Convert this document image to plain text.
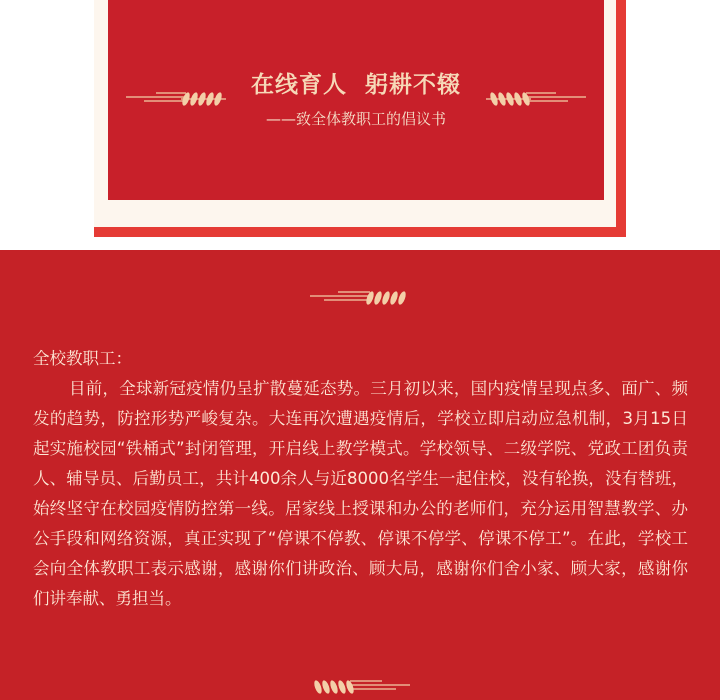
在线育人  躬耕不辍
——致全体教职工的倡议书

全校教职工：

目前，全球新冠疫情仍呈扩散蔓延态势。三月初以来，国内疫情呈现点多、面广、频发的趋势，防控形势严峻复杂。大连再次遭遇疫情后，学校立即启动应急机制，3月15日起实施校园“铁桶式”封闭管理，开启线上教学模式。学校领导、二级学院、党政工团负责人、辅导员、后勤员工，共计400余人与近8000名学生一起住校，没有轮换，没有替班，始终坚守在校园疫情防控第一线。居家线上授课和办公的老师们，充分运用智慧教学、办公手段和网络资源，真正实现了“停课不停教、停课不停学、停课不停工”。在此，学校工会向全体教职工表示感谢，感谢你们讲政治、顾大局，感谢你们舍小家、顾大家，感谢你们讲奉献、勇担当。
